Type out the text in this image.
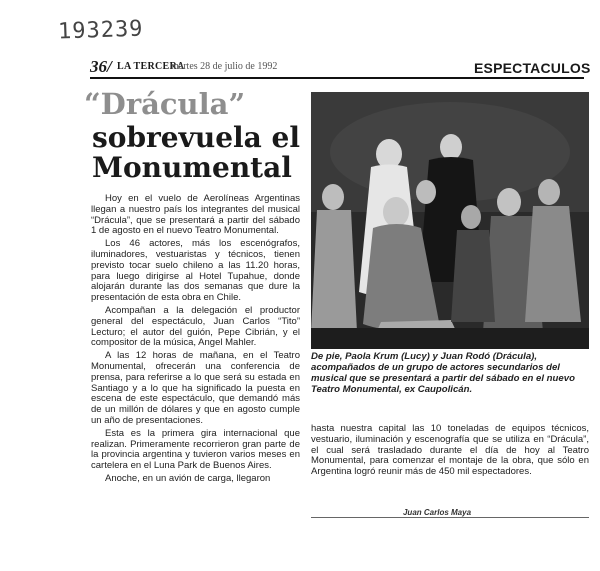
193239
36/ LA TERCERA
martes 28 de julio de 1992	ESPECTACULOS
“Drácula”
sobrevuela el
Monumental

Hoy en el vuelo de Aerolíneas Argentinas llegan a nuestro país los integrantes del musical “Drácula”, que se presentará a partir del sábado 1 de agosto en el nuevo Teatro Monumental.

Los 46 actores, más los escenógrafos, iluminadores, vestuaristas y técnicos, tienen previsto tocar suelo chileno a las 11.20 horas, para luego dirigirse al Hotel Tupahue, donde alojarán durante las dos semanas que dure la presentación de esta obra en Chile.

Acompañan a la delegación el productor general del espectáculo, Juan Carlos “Tito” Lecturo; el autor del guión, Pepe Cibrián, y el compositor de la música, Angel Mahler.

A las 12 horas de mañana, en el Teatro Monumental, ofrecerán una conferencia de prensa, para referirse a lo que será su estada en Santiago y a lo que ha significado la puesta en escena de este espectáculo, que demandó más de un millón de dólares y que en agosto cumple un año de presentaciones.

Esta es la primera gira internacional que realizan. Primeramente recorrieron gran parte de la provincia argentina y tuvieron varios meses en cartelera en el Luna Park de Buenos Aires.

Anoche, en un avión de carga, llegaron

De pie, Paola Krum (Lucy) y Juan Rodó (Drácula), acompañados de un grupo de actores secundarios del musical que se presentará a partir del sábado en el nuevo Teatro Monumental, ex Caupolicán.

hasta nuestra capital las 10 toneladas de equipos técnicos, vestuario, iluminación y escenografía que se utiliza en “Drácula”, el cual será trasladado durante el día de hoy al Teatro Monumental, para comenzar el montaje de la obra, que sólo en Argentina logró reunir más de 450 mil espectadores.

Juan Carlos Maya
